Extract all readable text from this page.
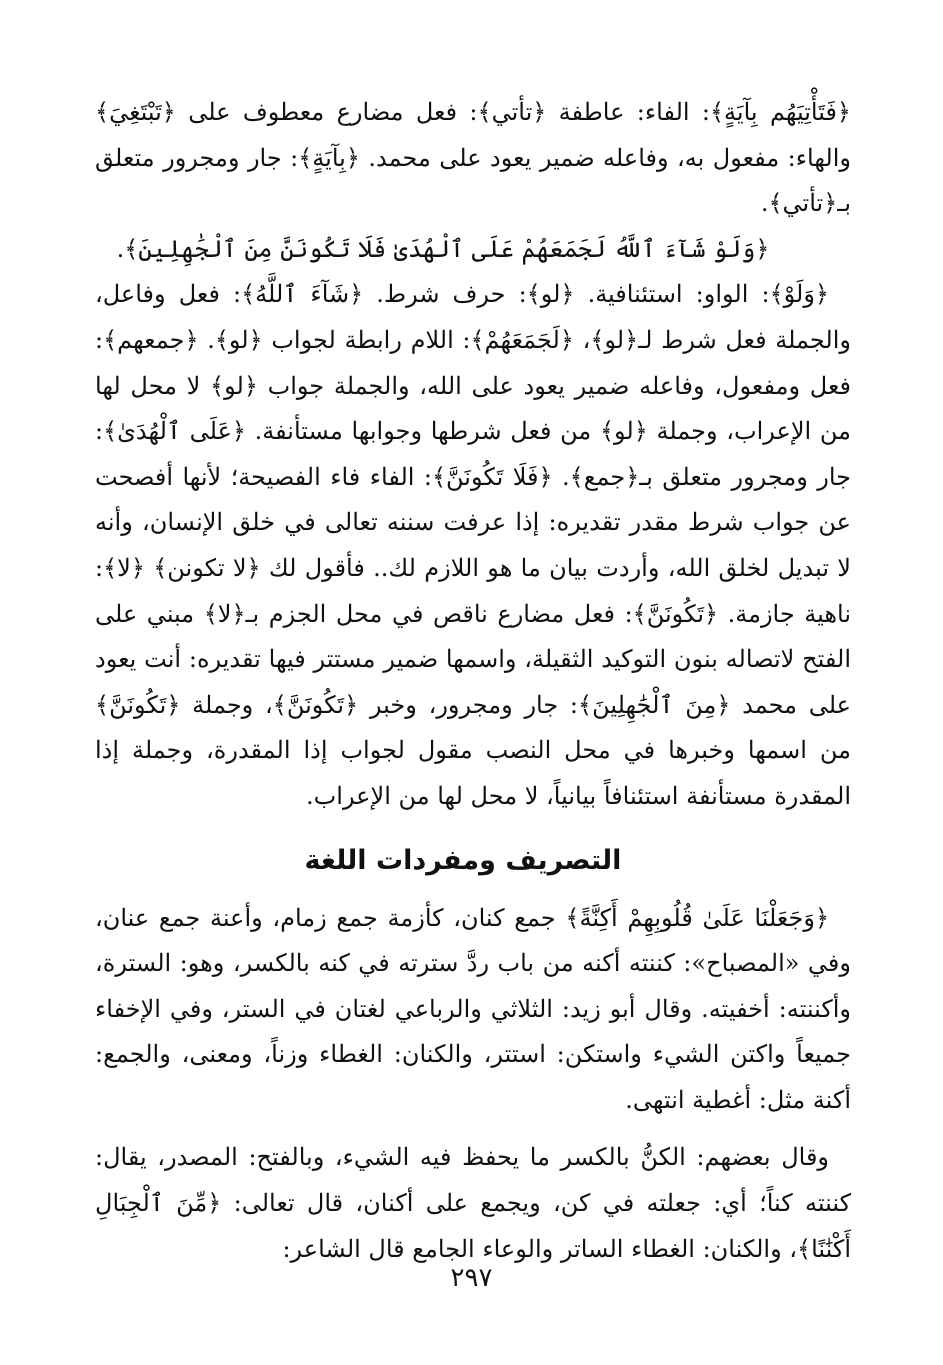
﴿فَتَأْتِيَهُم بِآيَةٍ﴾: الفاء: عاطفة ﴿تأتي﴾: فعل مضارع معطوف على ﴿تَبْتَغِيَ﴾ والهاء: مفعول به، وفاعله ضمير يعود على محمد. ﴿بِآيَةٍ﴾: جار ومجرور متعلق بـ﴿تأتي﴾.

﴿وَلَوْ شَآءَ ٱللَّهُ لَجَمَعَهُمْ عَلَى ٱلْهُدَىٰ فَلَا تَكُونَنَّ مِنَ ٱلْجَٰهِلِينَ﴾.

﴿وَلَوْ﴾: الواو: استئنافية. ﴿لو﴾: حرف شرط. ﴿شَآءَ ٱللَّهُ﴾: فعل وفاعل، والجملة فعل شرط لـ﴿لو﴾، ﴿لَجَمَعَهُمْ﴾: اللام رابطة لجواب ﴿لو﴾. ﴿جمعهم﴾: فعل ومفعول، وفاعله ضمير يعود على الله، والجملة جواب ﴿لو﴾ لا محل لها من الإعراب، وجملة ﴿لو﴾ من فعل شرطها وجوابها مستأنفة. ﴿عَلَى ٱلْهُدَىٰ﴾: جار ومجرور متعلق بـ﴿جمع﴾. ﴿فَلَا تَكُونَنَّ﴾: الفاء فاء الفصيحة؛ لأنها أفصحت عن جواب شرط مقدر تقديره: إذا عرفت سننه تعالى في خلق الإنسان، وأنه لا تبديل لخلق الله، وأردت بيان ما هو اللازم لك.. فأقول لك ﴿لا تكونن﴾ ﴿لا﴾: ناهية جازمة. ﴿تَكُونَنَّ﴾: فعل مضارع ناقص في محل الجزم بـ﴿لا﴾ مبني على الفتح لاتصاله بنون التوكيد الثقيلة، واسمها ضمير مستتر فيها تقديره: أنت يعود على محمد ﴿مِنَ ٱلْجَٰهِلِينَ﴾: جار ومجرور، وخبر ﴿تَكُونَنَّ﴾، وجملة ﴿تَكُونَنَّ﴾ من اسمها وخبرها في محل النصب مقول لجواب إذا المقدرة، وجملة إذا المقدرة مستأنفة استئنافاً بيانياً، لا محل لها من الإعراب.

التصريف ومفردات اللغة

﴿وَجَعَلْنَا عَلَىٰ قُلُوبِهِمْ أَكِنَّةً﴾ جمع كنان، كأزمة جمع زمام، وأعنة جمع عنان، وفي «المصباح»: كننته أكنه من باب ردَّ سترته في كنه بالكسر، وهو: السترة، وأكننته: أخفيته. وقال أبو زيد: الثلاثي والرباعي لغتان في الستر، وفي الإخفاء جميعاً واكتن الشيء واستكن: استتر، والكنان: الغطاء وزناً، ومعنى، والجمع: أكنة مثل: أغطية انتهى.

وقال بعضهم: الكنُّ بالكسر ما يحفظ فيه الشيء، وبالفتح: المصدر، يقال: كننته كناً؛ أي: جعلته في كن، ويجمع على أكنان، قال تعالى: ﴿مِّنَ ٱلْجِبَالِ أَكْنَٰنًا﴾، والكنان: الغطاء الساتر والوعاء الجامع قال الشاعر:

٢٩٧
